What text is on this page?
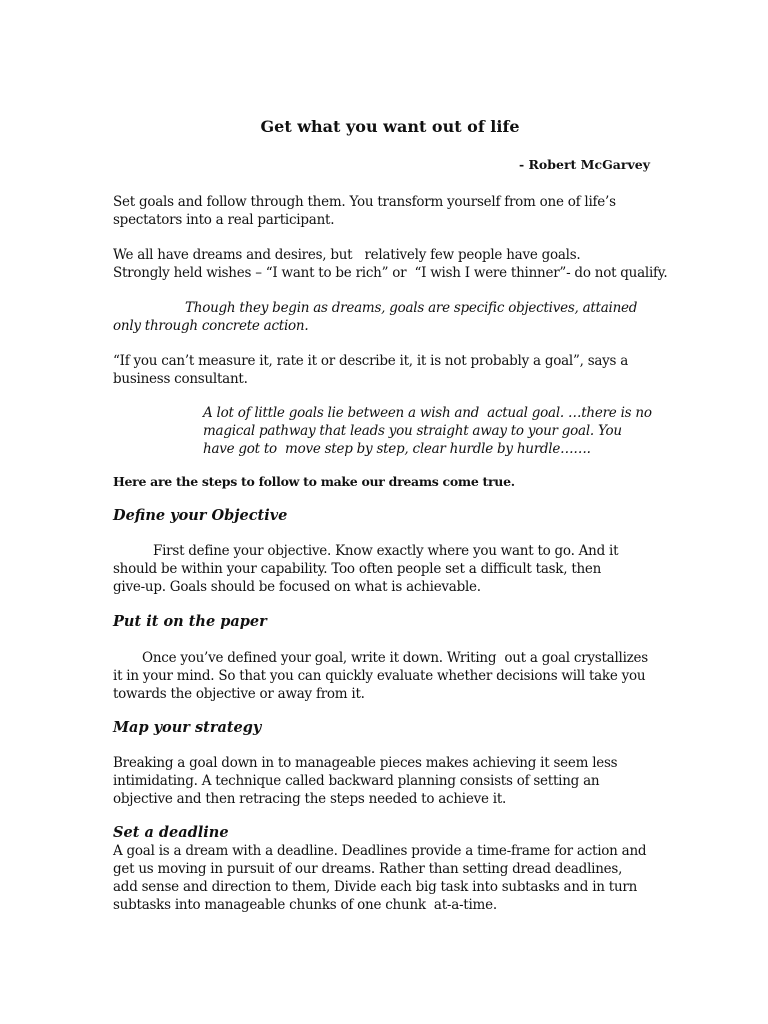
Get what you want out of life
- Robert McGarvey
Set goals and follow through them. You transform yourself from one of life’s
spectators into a real participant.
We all have dreams and desires, but   relatively few people have goals.
Strongly held wishes – “I want to be rich” or  “I wish I were thinner”- do not qualify.
Though they begin as dreams, goals are specific objectives, attained
only through concrete action.
“If you can’t measure it, rate it or describe it, it is not probably a goal”, says a
business consultant.
A lot of little goals lie between a wish and  actual goal. …there is no
magical pathway that leads you straight away to your goal. You
have got to  move step by step, clear hurdle by hurdle…….
Here are the steps to follow to make our dreams come true.
Define your Objective
First define your objective. Know exactly where you want to go. And it
should be within your capability. Too often people set a difficult task, then
give-up. Goals should be focused on what is achievable.
Put it on the paper
Once you’ve defined your goal, write it down. Writing  out a goal crystallizes
it in your mind. So that you can quickly evaluate whether decisions will take you
towards the objective or away from it.
Map your strategy
Breaking a goal down in to manageable pieces makes achieving it seem less
intimidating. A technique called backward planning consists of setting an
objective and then retracing the steps needed to achieve it.
Set a deadline
A goal is a dream with a deadline. Deadlines provide a time-frame for action and
get us moving in pursuit of our dreams. Rather than setting dread deadlines,
add sense and direction to them, Divide each big task into subtasks and in turn
subtasks into manageable chunks of one chunk  at-a-time.
